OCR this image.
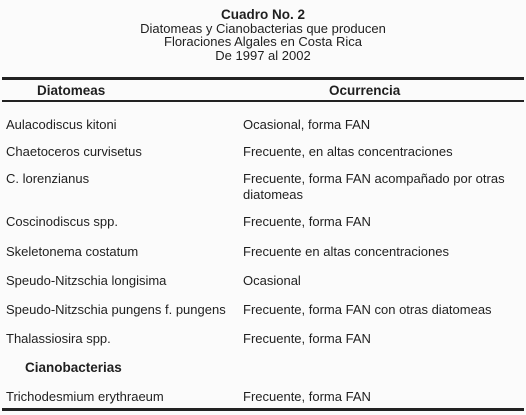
Cuadro No. 2
Diatomeas y Cianobacterias que producen
Floraciones Algales en Costa Rica
De 1997 al 2002
Diatomeas	Ocurrencia
Aulacodiscus kitoni	Ocasional, forma FAN
Chaetoceros curvisetus	Frecuente, en altas concentraciones
C. lorenzianus	Frecuente, forma FAN acompañado por otras diatomeas
Coscinodiscus spp.	Frecuente, forma FAN
Skeletonema costatum	Frecuente en altas concentraciones
Speudo-Nitzschia longisima	Ocasional
Speudo-Nitzschia pungens f. pungens	Frecuente, forma FAN con otras diatomeas
Thalassiosira spp.	Frecuente, forma FAN
Cianobacterias
Trichodesmium erythraeum	Frecuente, forma FAN
